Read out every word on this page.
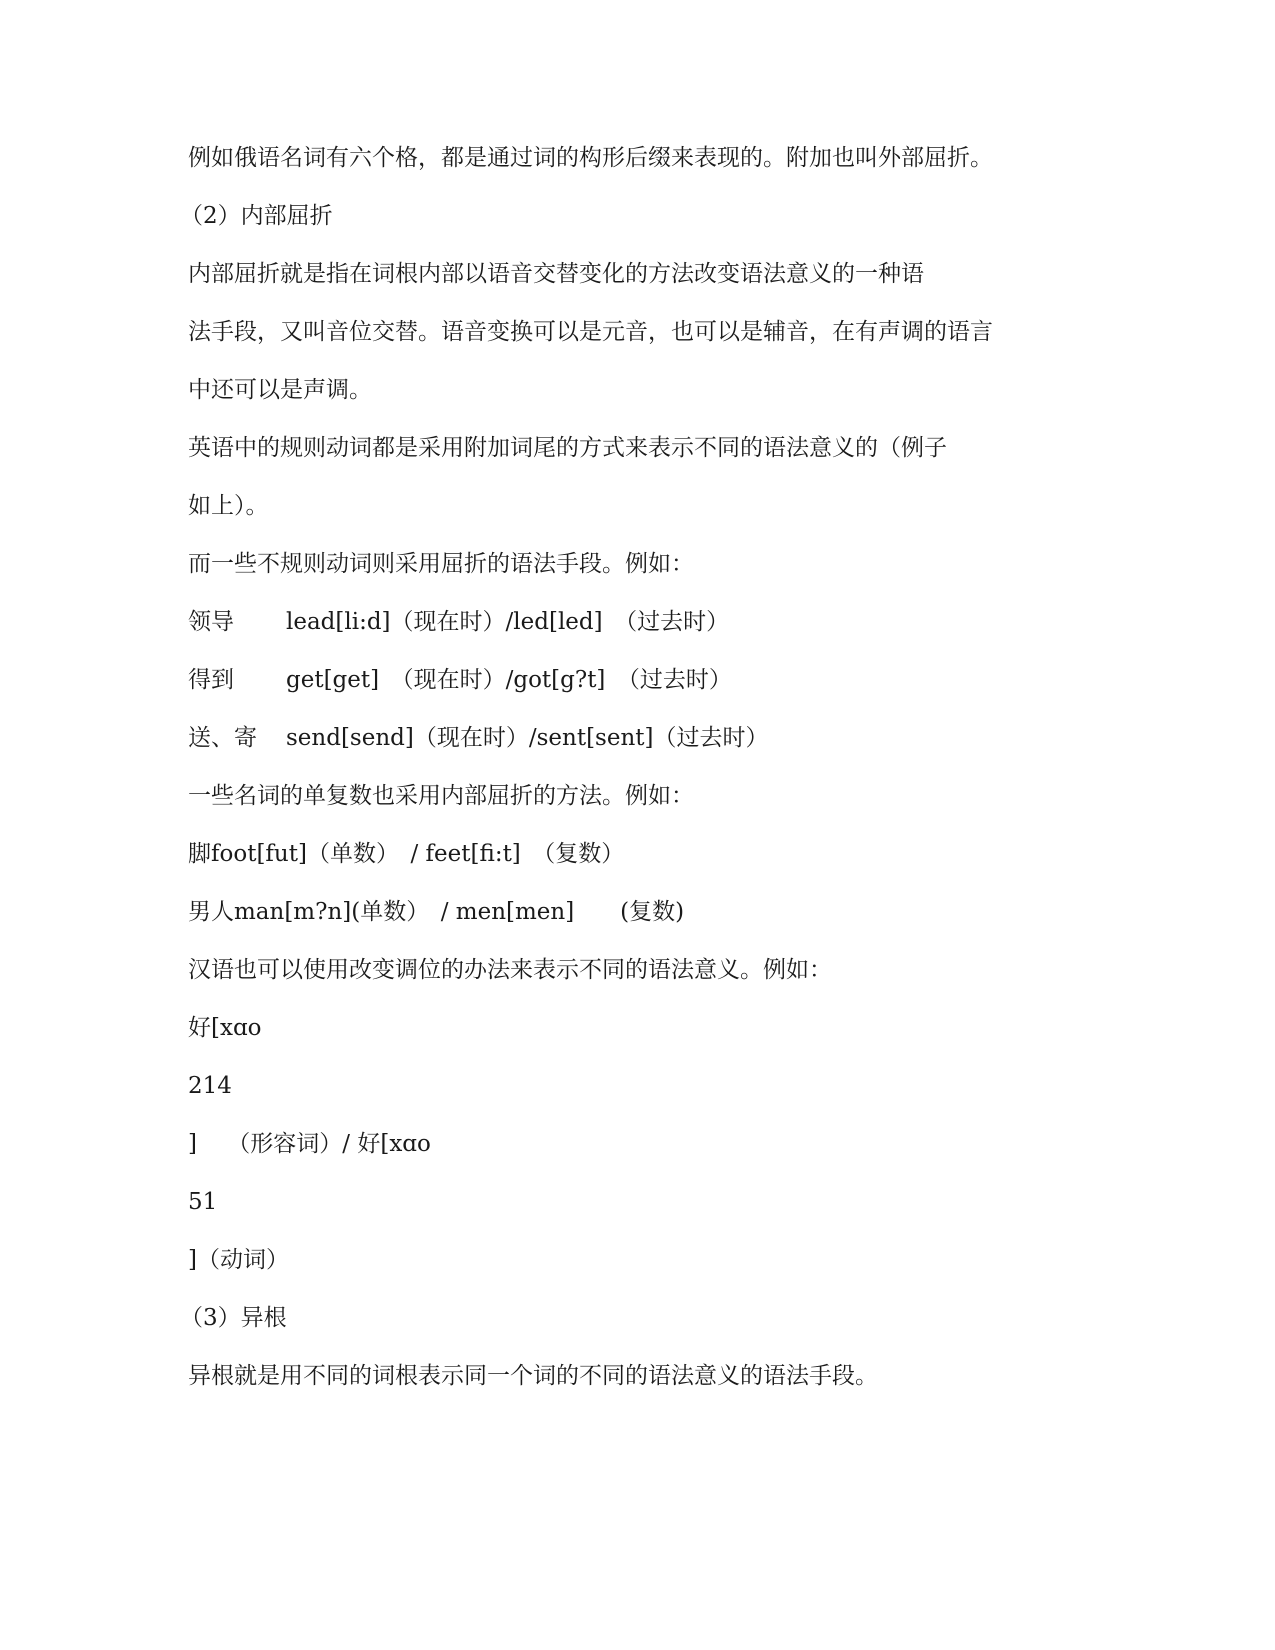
例如俄语名词有六个格，都是通过词的构形后缀来表现的。附加也叫外部屈折。
（2）内部屈折
内部屈折就是指在词根内部以语音交替变化的方法改变语法意义的一种语
法手段，又叫音位交替。语音变换可以是元音，也可以是辅音，在有声调的语言
中还可以是声调。
英语中的规则动词都是采用附加词尾的方式来表示不同的语法意义的（例子
如上）。
而一些不规则动词则采用屈折的语法手段。例如：
领导 lead[li:d]（现在时）/led[led]　（过去时）
得到 get[get]　（现在时）/got[g?t]　（过去时）
送、寄 send[send]（现在时）/sent[sent]（过去时）
一些名词的单复数也采用内部屈折的方法。例如：
脚foot[fut]（单数）　/ feet[fi:t]　（复数）
男人man[m?n](单数）　/ men[men]　　(复数)
汉语也可以使用改变调位的办法来表示不同的语法意义。例如：
好[xɑo
214
]　 （形容词）/ 好[xɑo
51
]（动词）
（3）异根
异根就是用不同的词根表示同一个词的不同的语法意义的语法手段。
